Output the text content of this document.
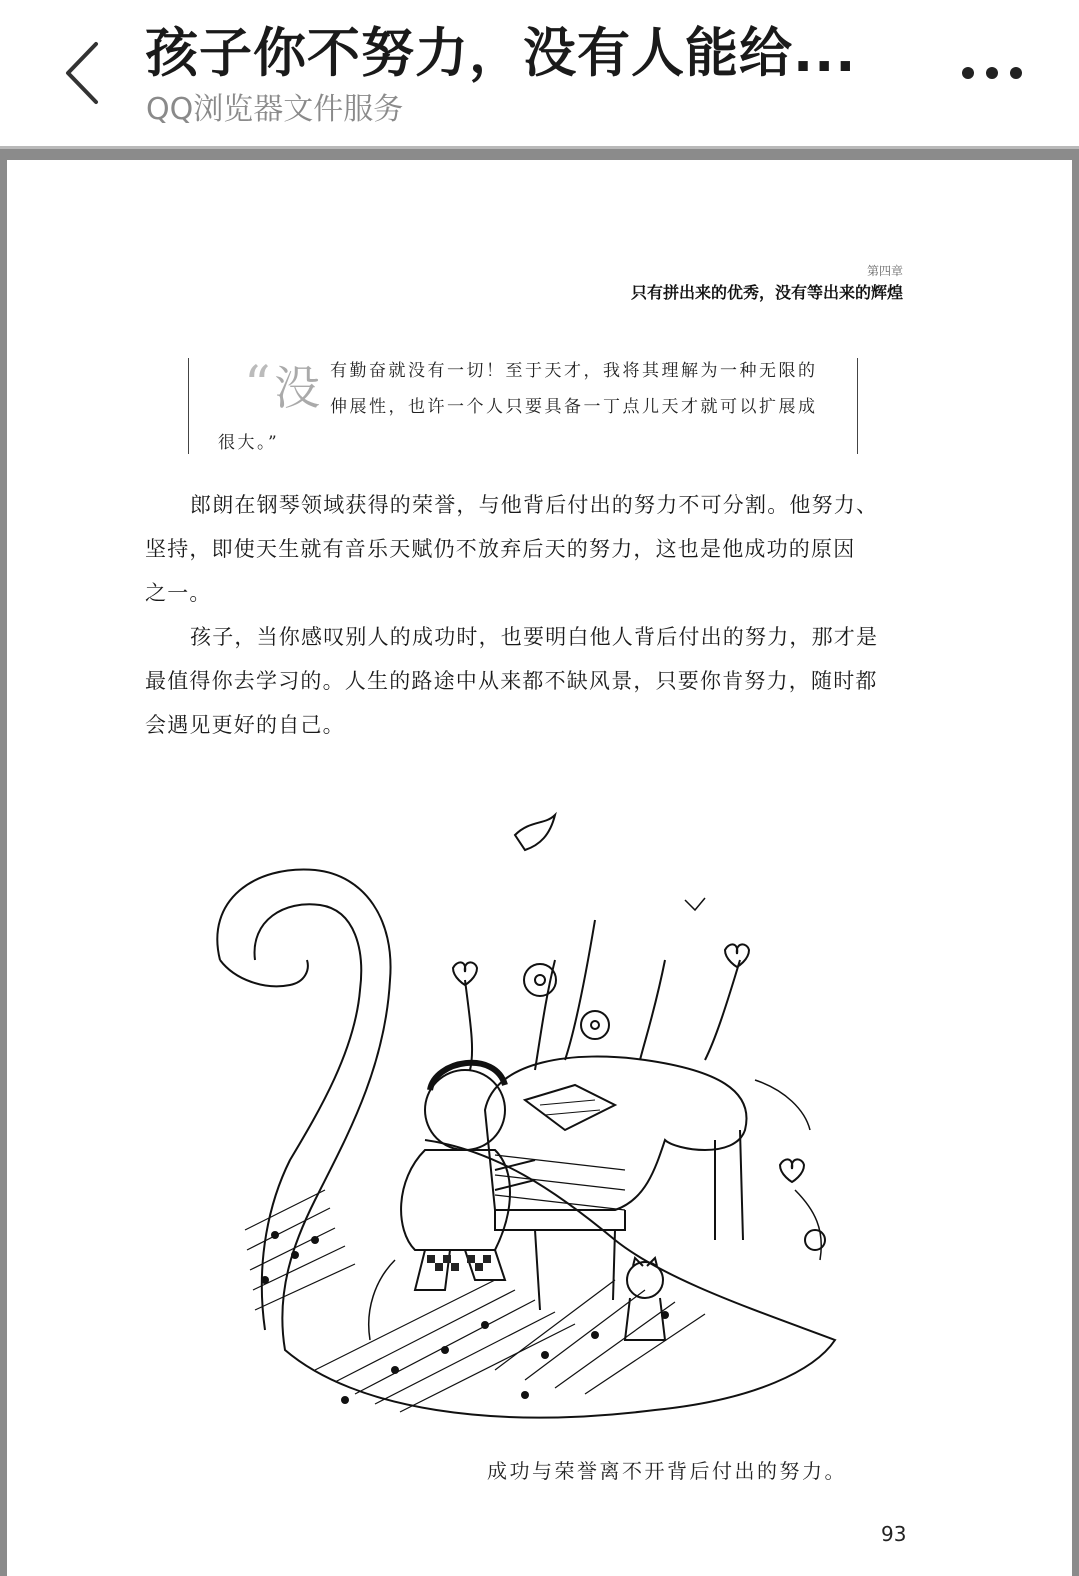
孩子你不努力，没有人能给...
QQ浏览器文件服务
第四章
只有拼出来的优秀，没有等出来的辉煌
“ 没 有勤奋就没有一切！至于天才，我将其理解为一种无限的
伸展性，也许一个人只要具备一丁点儿天才就可以扩展成
很大。”
郎朗在钢琴领域获得的荣誉，与他背后付出的努力不可分割。他努力、
坚持，即使天生就有音乐天赋仍不放弃后天的努力，这也是他成功的原因
之一。
孩子，当你感叹别人的成功时，也要明白他人背后付出的努力，那才是
最值得你去学习的。人生的路途中从来都不缺风景，只要你肯努力，随时都
会遇见更好的自己。
成功与荣誉离不开背后付出的努力。
93
